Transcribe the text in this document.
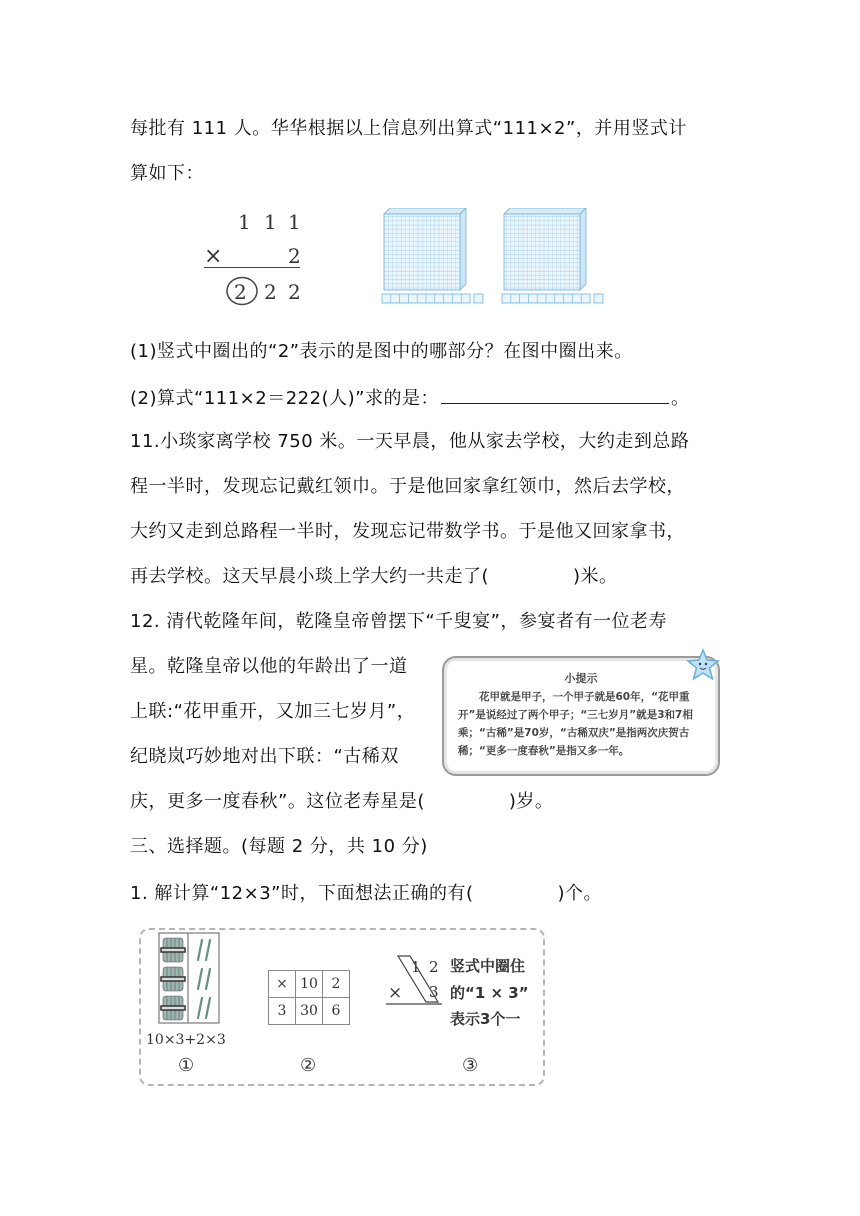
每批有 111 人。华华根据以上信息列出算式“111×2”，并用竖式计
算如下：
1 1 1
×	2
2 2 2
(1)竖式中圈出的“2”表示的是图中的哪部分？在图中圈出来。
(2)算式“111×2＝222(人)”求的是：	。
11.小琰家离学校 750 米。一天早晨，他从家去学校，大约走到总路
程一半时，发现忘记戴红领巾。于是他回家拿红领巾，然后去学校，
大约又走到总路程一半时，发现忘记带数学书。于是他又回家拿书，
再去学校。这天早晨小琰上学大约一共走了(	)米。
12. 清代乾隆年间，乾隆皇帝曾摆下“千叟宴”，参宴者有一位老寿
星。乾隆皇帝以他的年龄出了一道
上联:“花甲重开，又加三七岁月”，
纪晓岚巧妙地对出下联：“古稀双
庆，更多一度春秋”。这位老寿星是(	)岁。
小提示
花甲就是甲子，一个甲子就是60年，“花甲重开”是说经过了两个甲子；“三七岁月”就是3和7相乘；“古稀”是70岁，“古稀双庆”是指两次庆贺古稀；“更多一度春秋”是指又多一年。
三、选择题。(每题 2 分，共 10 分)
1. 解计算“12×3”时，下面想法正确的有(	)个。
10×3+2×3
①
×	10	2
3	30	6
②
1 2
× 3
竖式中圈住
的“1 × 3”
表示3个一
③
